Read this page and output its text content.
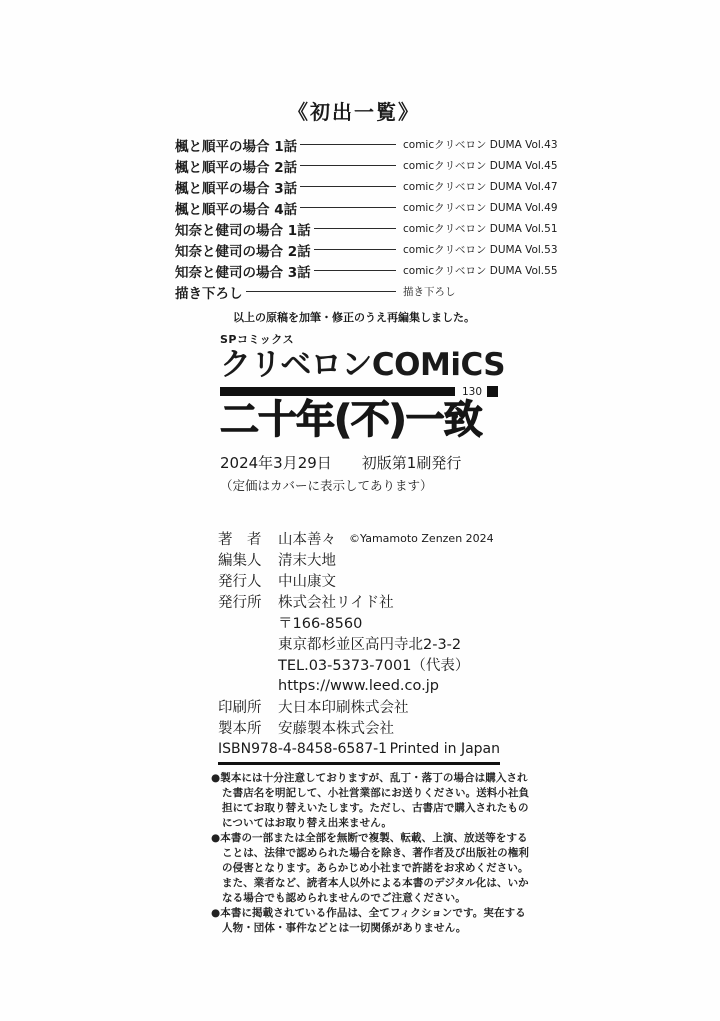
《初出一覧》
楓と順平の場合 1話	comicクリベロン DUMA Vol.43
楓と順平の場合 2話	comicクリベロン DUMA Vol.45
楓と順平の場合 3話	comicクリベロン DUMA Vol.47
楓と順平の場合 4話	comicクリベロン DUMA Vol.49
知奈と健司の場合 1話	comicクリベロン DUMA Vol.51
知奈と健司の場合 2話	comicクリベロン DUMA Vol.53
知奈と健司の場合 3話	comicクリベロン DUMA Vol.55
描き下ろし	描き下ろし
以上の原稿を加筆・修正のうえ再編集しました。
SPコミックス
クリベロンCOMiCS
130
二十年(不)一致
2024年3月29日　　初版第1刷発行
（定価はカバーに表示してあります）
著　者	山本善々 ©Yamamoto Zenzen 2024
編集人	清末大地
発行人	中山康文
発行所	株式会社リイド社
〒166-8560
東京都杉並区高円寺北2-3-2
TEL.03-5373-7001（代表）
https://www.leed.co.jp
印刷所	大日本印刷株式会社
製本所	安藤製本株式会社
ISBN978-4-8458-6587-1 Printed in Japan
●製本には十分注意しておりますが、乱丁・落丁の場合は購入され
た書店名を明記して、小社営業部にお送りください。送料小社負
担にてお取り替えいたします。ただし、古書店で購入されたもの
についてはお取り替え出来ません。
●本書の一部または全部を無断で複製、転載、上演、放送等をする
ことは、法律で認められた場合を除き、著作者及び出版社の権利
の侵害となります。あらかじめ小社まで許諾をお求めください。
また、業者など、読者本人以外による本書のデジタル化は、いか
なる場合でも認められませんのでご注意ください。
●本書に掲載されている作品は、全てフィクションです。実在する
人物・団体・事件などとは一切関係がありません。
